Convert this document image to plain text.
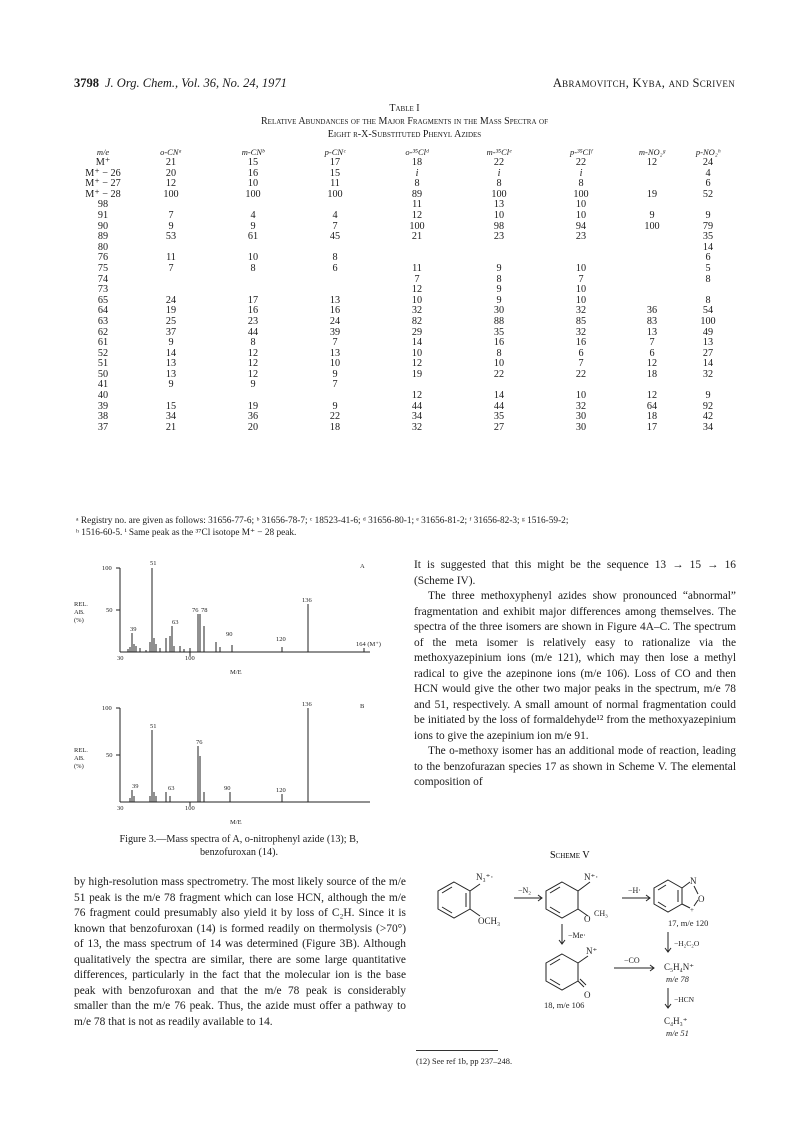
3798 J. Org. Chem., Vol. 36, No. 24, 1971	Abramovitch, Kyba, and Scriven
Table I
Relative Abundances of the Major Fragments in the Mass Spectra of
Eight r-X-Substituted Phenyl Azides
m/e	o-CNᵃ	m-CNᵇ	p-CNᶜ	o-³⁵Clᵈ	m-³⁵Clᵉ	p-³⁵Clᶠ	m-NO₂ᵍ	p-NO₂ʰ
M⁺	21	15	17	18	22	22	12	24
M⁺ − 26	20	16	15	i	i	i		4
M⁺ − 27	12	10	11	8	8	8		6
M⁺ − 28	100	100	100	89	100	100	19	52
98				11	13	10		
91	7	4	4	12	10	10	9	9
90	9	9	7	100	98	94	100	79
89	53	61	45	21	23	23		35
80								14
76	11	10	8					6
75	7	8	6	11	9	10		5
74				7	8	7		8
73				12	9	10		
65	24	17	13	10	9	10		8
64	19	16	16	32	30	32	36	54
63	25	23	24	82	88	85	83	100
62	37	44	39	29	35	32	13	49
61	9	8	7	14	16	16	7	13
52	14	12	13	10	8	6	6	27
51	13	12	10	12	10	7	12	14
50	13	12	9	19	22	22	18	32
41	9	9	7					
40				12	14	10	12	9
39	15	19	9	44	44	32	64	92
38	34	36	22	34	35	30	18	42
37	21	20	18	32	27	30	17	34
ᵃ Registry no. are given as follows: 31656-77-6; ᵇ 31656-78-7; ᶜ 18523-41-6; ᵈ 31656-80-1; ᵉ 31656-81-2; ᶠ 31656-82-3; ᵍ 1516-59-2;
ʰ 1516-60-5. ⁱ Same peak as the ³⁷Cl isotope M⁺ − 28 peak.
A
100
50
REL.
AB.
(%)
30	100
M/E
51
39
63
76 78
90
120
136
164 (M⁺)
B
100
50
REL.
AB.
(%)
30	100
M/E
51
39	63
76
90	120
136
Figure 3.—Mass spectra of A, o-nitrophenyl azide (13); B,
benzofuroxan (14).

by high-resolution mass spectrometry. The most likely source of the m/e 51 peak is the m/e 78 fragment which can lose HCN, although the m/e 76 fragment could presumably also yield it by loss of C₂H. Since it is known that benzofuroxan (14) is formed readily on thermolysis (>70°) of 13, the mass spectrum of 14 was determined (Figure 3B). Although qualitatively the spectra are similar, there are some large quantitative differences, particularly in the fact that the molecular ion is the base peak with benzofuroxan and that the m/e 78 peak is considerably smaller than the m/e 76 peak. Thus, the azide must offer a pathway to m/e 78 that is not as readily available to 14.

It is suggested that this might be the sequence 13 → 15 → 16 (Scheme IV).

The three methoxyphenyl azides show pronounced “abnormal” fragmentation and exhibit major differences among themselves. The spectra of the three isomers are shown in Figure 4A–C. The spectrum of the meta isomer is relatively easy to rationalize via the methoxyazepinium ions (m/e 121), which may then lose a methyl radical to give the azepinone ions (m/e 106). Loss of CO and then HCN would give the other two major peaks in the spectrum, m/e 78 and 51, respectively. A small amount of normal fragmentation could be initiated by the loss of formaldehyde¹² from the methoxyazepinium ions to give the azepinium ion m/e 91.

The o-methoxy isomer has an additional mode of reaction, leading to the benzofurazan species 17 as shown in Scheme V. The elemental composition of

Scheme V
N₃⁺·
OCH₃
−N₂
N⁺·
O
CH₃
−H·
N
O
+
17, m/e 120
−Me·
N⁺
O
18, m/e 106
−CO
−H₂C₂O
C₅H₄N⁺
m/e 78
−HCN
C₄H₃⁺
m/e 51
(12) See ref 1b, pp 237–248.
